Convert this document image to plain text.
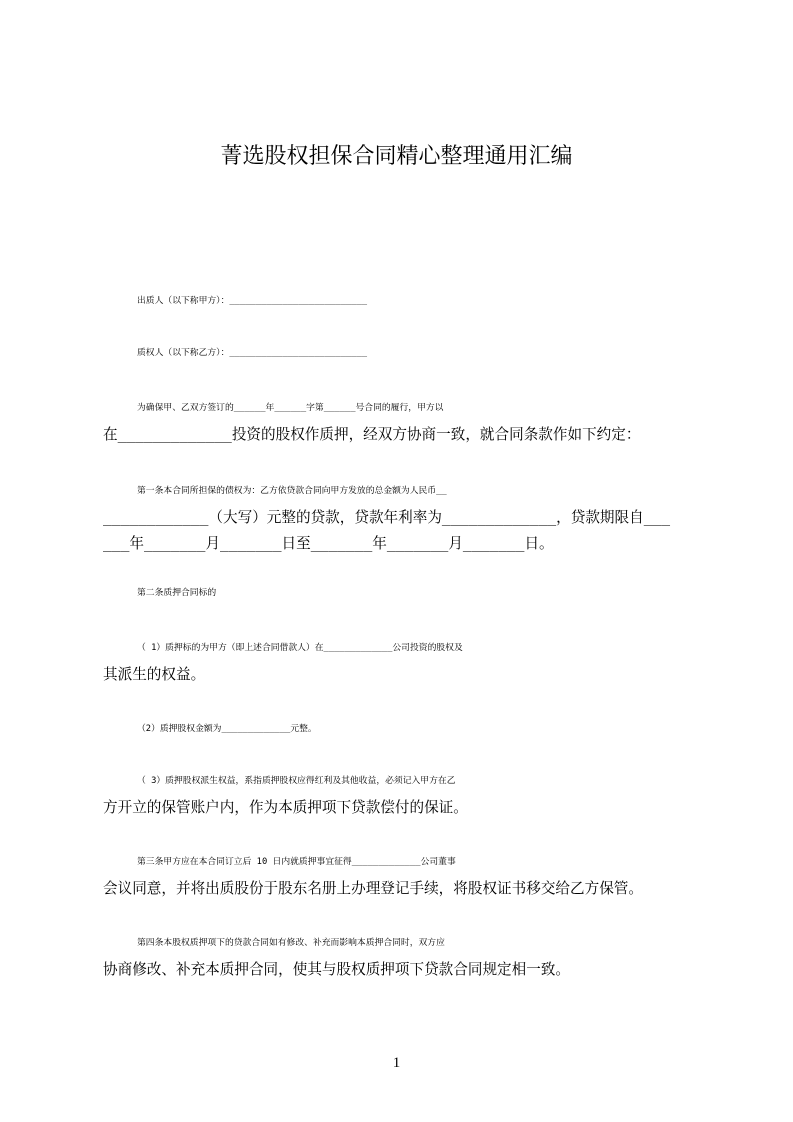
菁选股权担保合同精心整理通用汇编
出质人（以下称甲方）：__________________________
质权人（以下称乙方）：__________________________
为确保甲、乙双方签订的______年______字第______号合同的履行，甲方以
在_____________投资的股权作质押，经双方协商一致，就合同条款作如下约定：
第一条本合同所担保的债权为：乙方依贷款合同向甲方发放的总金额为人民币__
____________（大写）元整的贷款，贷款年利率为_____________，贷款期限自___
___年_______月_______日至_______年_______月_______日。
第二条质押合同标的
（ 1）质押标的为甲方（即上述合同借款人）在_____________公司投资的股权及
其派生的权益。
（2）质押股权金额为_____________元整。
（ 3）质押股权派生权益，系指质押股权应得红利及其他收益，必须记入甲方在乙
方开立的保管账户内，作为本质押项下贷款偿付的保证。
第三条甲方应在本合同订立后 10 日内就质押事宜征得_____________公司董事
会议同意，并将出质股份于股东名册上办理登记手续，将股权证书移交给乙方保管。
第四条本股权质押项下的贷款合同如有修改、补充而影响本质押合同时，双方应
协商修改、补充本质押合同，使其与股权质押项下贷款合同规定相一致。
1
